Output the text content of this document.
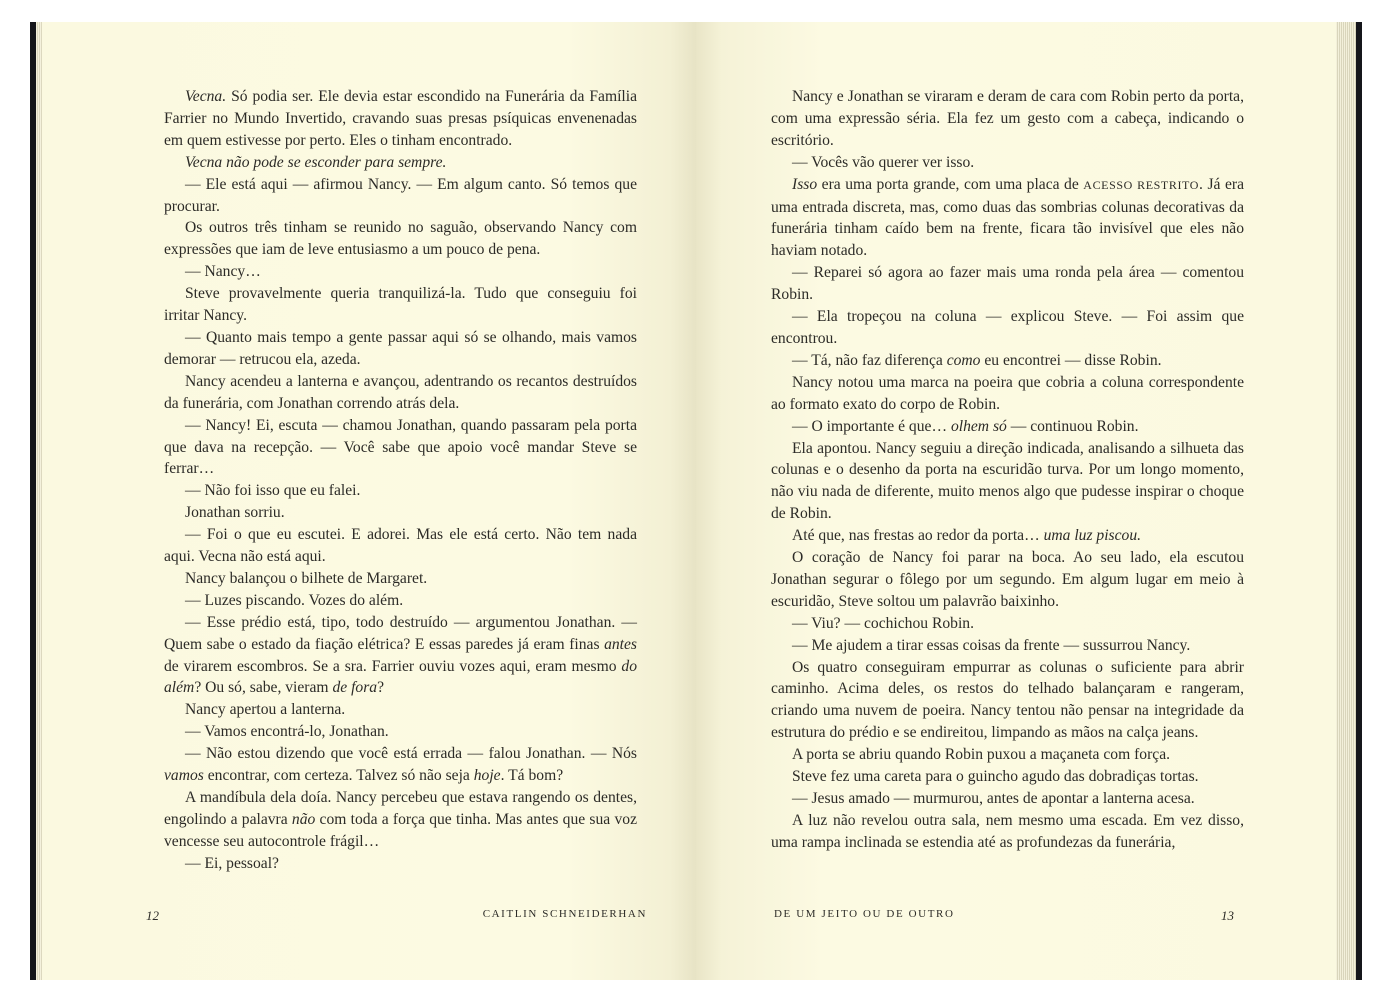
Vecna. Só podia ser. Ele devia estar escondido na Funerária da Família Farrier no Mundo Invertido, cravando suas presas psíquicas envenenadas em quem estivesse por perto. Eles o tinham encontrado.

Vecna não pode se esconder para sempre.

— Ele está aqui — afirmou Nancy. — Em algum canto. Só temos que procurar.

Os outros três tinham se reunido no saguão, observando Nancy com expressões que iam de leve entusiasmo a um pouco de pena.

— Nancy…

Steve provavelmente queria tranquilizá-la. Tudo que conseguiu foi irritar Nancy.

— Quanto mais tempo a gente passar aqui só se olhando, mais vamos demorar — retrucou ela, azeda.

Nancy acendeu a lanterna e avançou, adentrando os recantos destruídos da funerária, com Jonathan correndo atrás dela.

— Nancy! Ei, escuta — chamou Jonathan, quando passaram pela porta que dava na recepção. — Você sabe que apoio você mandar Steve se ferrar…

— Não foi isso que eu falei.

Jonathan sorriu.

— Foi o que eu escutei. E adorei. Mas ele está certo. Não tem nada aqui. Vecna não está aqui.

Nancy balançou o bilhete de Margaret.

— Luzes piscando. Vozes do além.

— Esse prédio está, tipo, todo destruído — argumentou Jonathan. — Quem sabe o estado da fiação elétrica? E essas paredes já eram finas antes de virarem escombros. Se a sra. Farrier ouviu vozes aqui, eram mesmo do além? Ou só, sabe, vieram de fora?

Nancy apertou a lanterna.

— Vamos encontrá-lo, Jonathan.

— Não estou dizendo que você está errada — falou Jonathan. — Nós vamos encontrar, com certeza. Talvez só não seja hoje. Tá bom?

A mandíbula dela doía. Nancy percebeu que estava rangendo os dentes, engolindo a palavra não com toda a força que tinha. Mas antes que sua voz vencesse seu autocontrole frágil…

— Ei, pessoal?

12	CAITLIN SCHNEIDERHAN

Nancy e Jonathan se viraram e deram de cara com Robin perto da porta, com uma expressão séria. Ela fez um gesto com a cabeça, indicando o escritório.

— Vocês vão querer ver isso.

Isso era uma porta grande, com uma placa de ACESSO RESTRITO. Já era uma entrada discreta, mas, como duas das sombrias colunas decorativas da funerária tinham caído bem na frente, ficara tão invisível que eles não haviam notado.

— Reparei só agora ao fazer mais uma ronda pela área — comentou Robin.

— Ela tropeçou na coluna — explicou Steve. — Foi assim que encontrou.

— Tá, não faz diferença como eu encontrei — disse Robin.

Nancy notou uma marca na poeira que cobria a coluna correspondente ao formato exato do corpo de Robin.

— O importante é que… olhem só — continuou Robin.

Ela apontou. Nancy seguiu a direção indicada, analisando a silhueta das colunas e o desenho da porta na escuridão turva. Por um longo momento, não viu nada de diferente, muito menos algo que pudesse inspirar o choque de Robin.

Até que, nas frestas ao redor da porta… uma luz piscou.

O coração de Nancy foi parar na boca. Ao seu lado, ela escutou Jonathan segurar o fôlego por um segundo. Em algum lugar em meio à escuridão, Steve soltou um palavrão baixinho.

— Viu? — cochichou Robin.

— Me ajudem a tirar essas coisas da frente — sussurrou Nancy.

Os quatro conseguiram empurrar as colunas o suficiente para abrir caminho. Acima deles, os restos do telhado balançaram e rangeram, criando uma nuvem de poeira. Nancy tentou não pensar na integridade da estrutura do prédio e se endireitou, limpando as mãos na calça jeans.

A porta se abriu quando Robin puxou a maçaneta com força.

Steve fez uma careta para o guincho agudo das dobradiças tortas.

— Jesus amado — murmurou, antes de apontar a lanterna acesa.

A luz não revelou outra sala, nem mesmo uma escada. Em vez disso, uma rampa inclinada se estendia até as profundezas da funerária,

DE UM JEITO OU DE OUTRO	13
